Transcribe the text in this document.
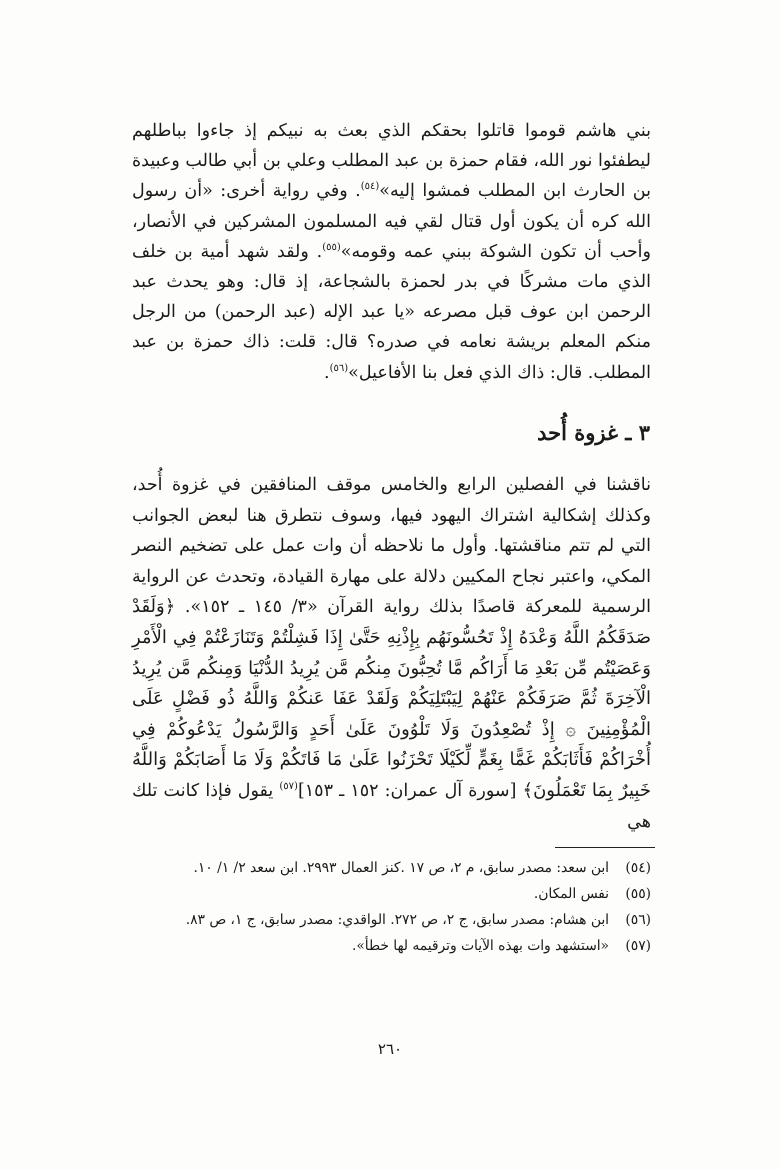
بني هاشم قوموا قاتلوا بحقكم الذي بعث به نبيكم إذ جاءوا بباطلهم ليطفئوا نور الله، فقام حمزة بن عبد المطلب وعلي بن أبي طالب وعبيدة بن الحارث ابن المطلب فمشوا إليه»$^{(٥٤)}$. وفي رواية أخرى: «أن رسول الله كره أن يكون أول قتال لقي فيه المسلمون المشركين في الأنصار، وأحب أن تكون الشوكة ببني عمه وقومه»$^{(٥٥)}$. ولقد شهد أمية بن خلف الذي مات مشركًا في بدر لحمزة بالشجاعة، إذ قال: وهو يحدث عبد الرحمن ابن عوف قبل مصرعه «يا عبد الإله (عبد الرحمن) من الرجل منكم المعلم بريشة نعامه في صدره؟ قال: قلت: ذاك حمزة بن عبد المطلب. قال: ذاك الذي فعل بنا الأفاعيل»$^{(٥٦)}$.

٣ ـ غزوة أُحد

ناقشنا في الفصلين الرابع والخامس موقف المنافقين في غزوة أُحد، وكذلك إشكالية اشتراك اليهود فيها، وسوف نتطرق هنا لبعض الجوانب التي لم تتم مناقشتها. وأول ما نلاحظه أن وات عمل على تضخيم النصر المكي، واعتبر نجاح المكيين دلالة على مهارة القيادة، وتحدث عن الرواية الرسمية للمعركة قاصدًا بذلك رواية القرآن «٣/ ١٤٥ ـ ١٥٢». ﴿وَلَقَدْ صَدَقَكُمُ اللَّهُ وَعْدَهُ إِذْ تَحُسُّونَهُم بِإِذْنِهِ حَتَّىٰ إِذَا فَشِلْتُمْ وَتَنَازَعْتُمْ فِي الْأَمْرِ وَعَصَيْتُم مِّن بَعْدِ مَا أَرَاكُم مَّا تُحِبُّونَ مِنكُم مَّن يُرِيدُ الدُّنْيَا وَمِنكُم مَّن يُرِيدُ الْآخِرَةَ ثُمَّ صَرَفَكُمْ عَنْهُمْ لِيَبْتَلِيَكُمْ وَلَقَدْ عَفَا عَنكُمْ وَاللَّهُ ذُو فَضْلٍ عَلَى الْمُؤْمِنِينَ ۞ إِذْ تُصْعِدُونَ وَلَا تَلْوُونَ عَلَىٰ أَحَدٍ وَالرَّسُولُ يَدْعُوكُمْ فِي أُخْرَاكُمْ فَأَثَابَكُمْ غَمًّا بِغَمٍّ لِّكَيْلَا تَحْزَنُوا عَلَىٰ مَا فَاتَكُمْ وَلَا مَا أَصَابَكُمْ وَاللَّهُ خَبِيرٌ بِمَا تَعْمَلُونَ﴾ [سورة آل عمران: ١٥٢ ـ ١٥٣]$^{(٥٧)}$ يقول فإذا كانت تلك هي

(٥٤)
ابن سعد: مصدر سابق، م ٢، ص ١٧ .كنز العمال ٢٩٩٣. ابن سعد ٢/ ١/ ١٠.
(٥٥)
نفس المكان.
(٥٦)
ابن هشام: مصدر سابق، ج ٢، ص ٢٧٢. الواقدي: مصدر سابق، ج ١، ص ٨٣.
(٥٧)
«استشهد وات بهذه الآيات وترقيمه لها خطأ».
٢٦٠
